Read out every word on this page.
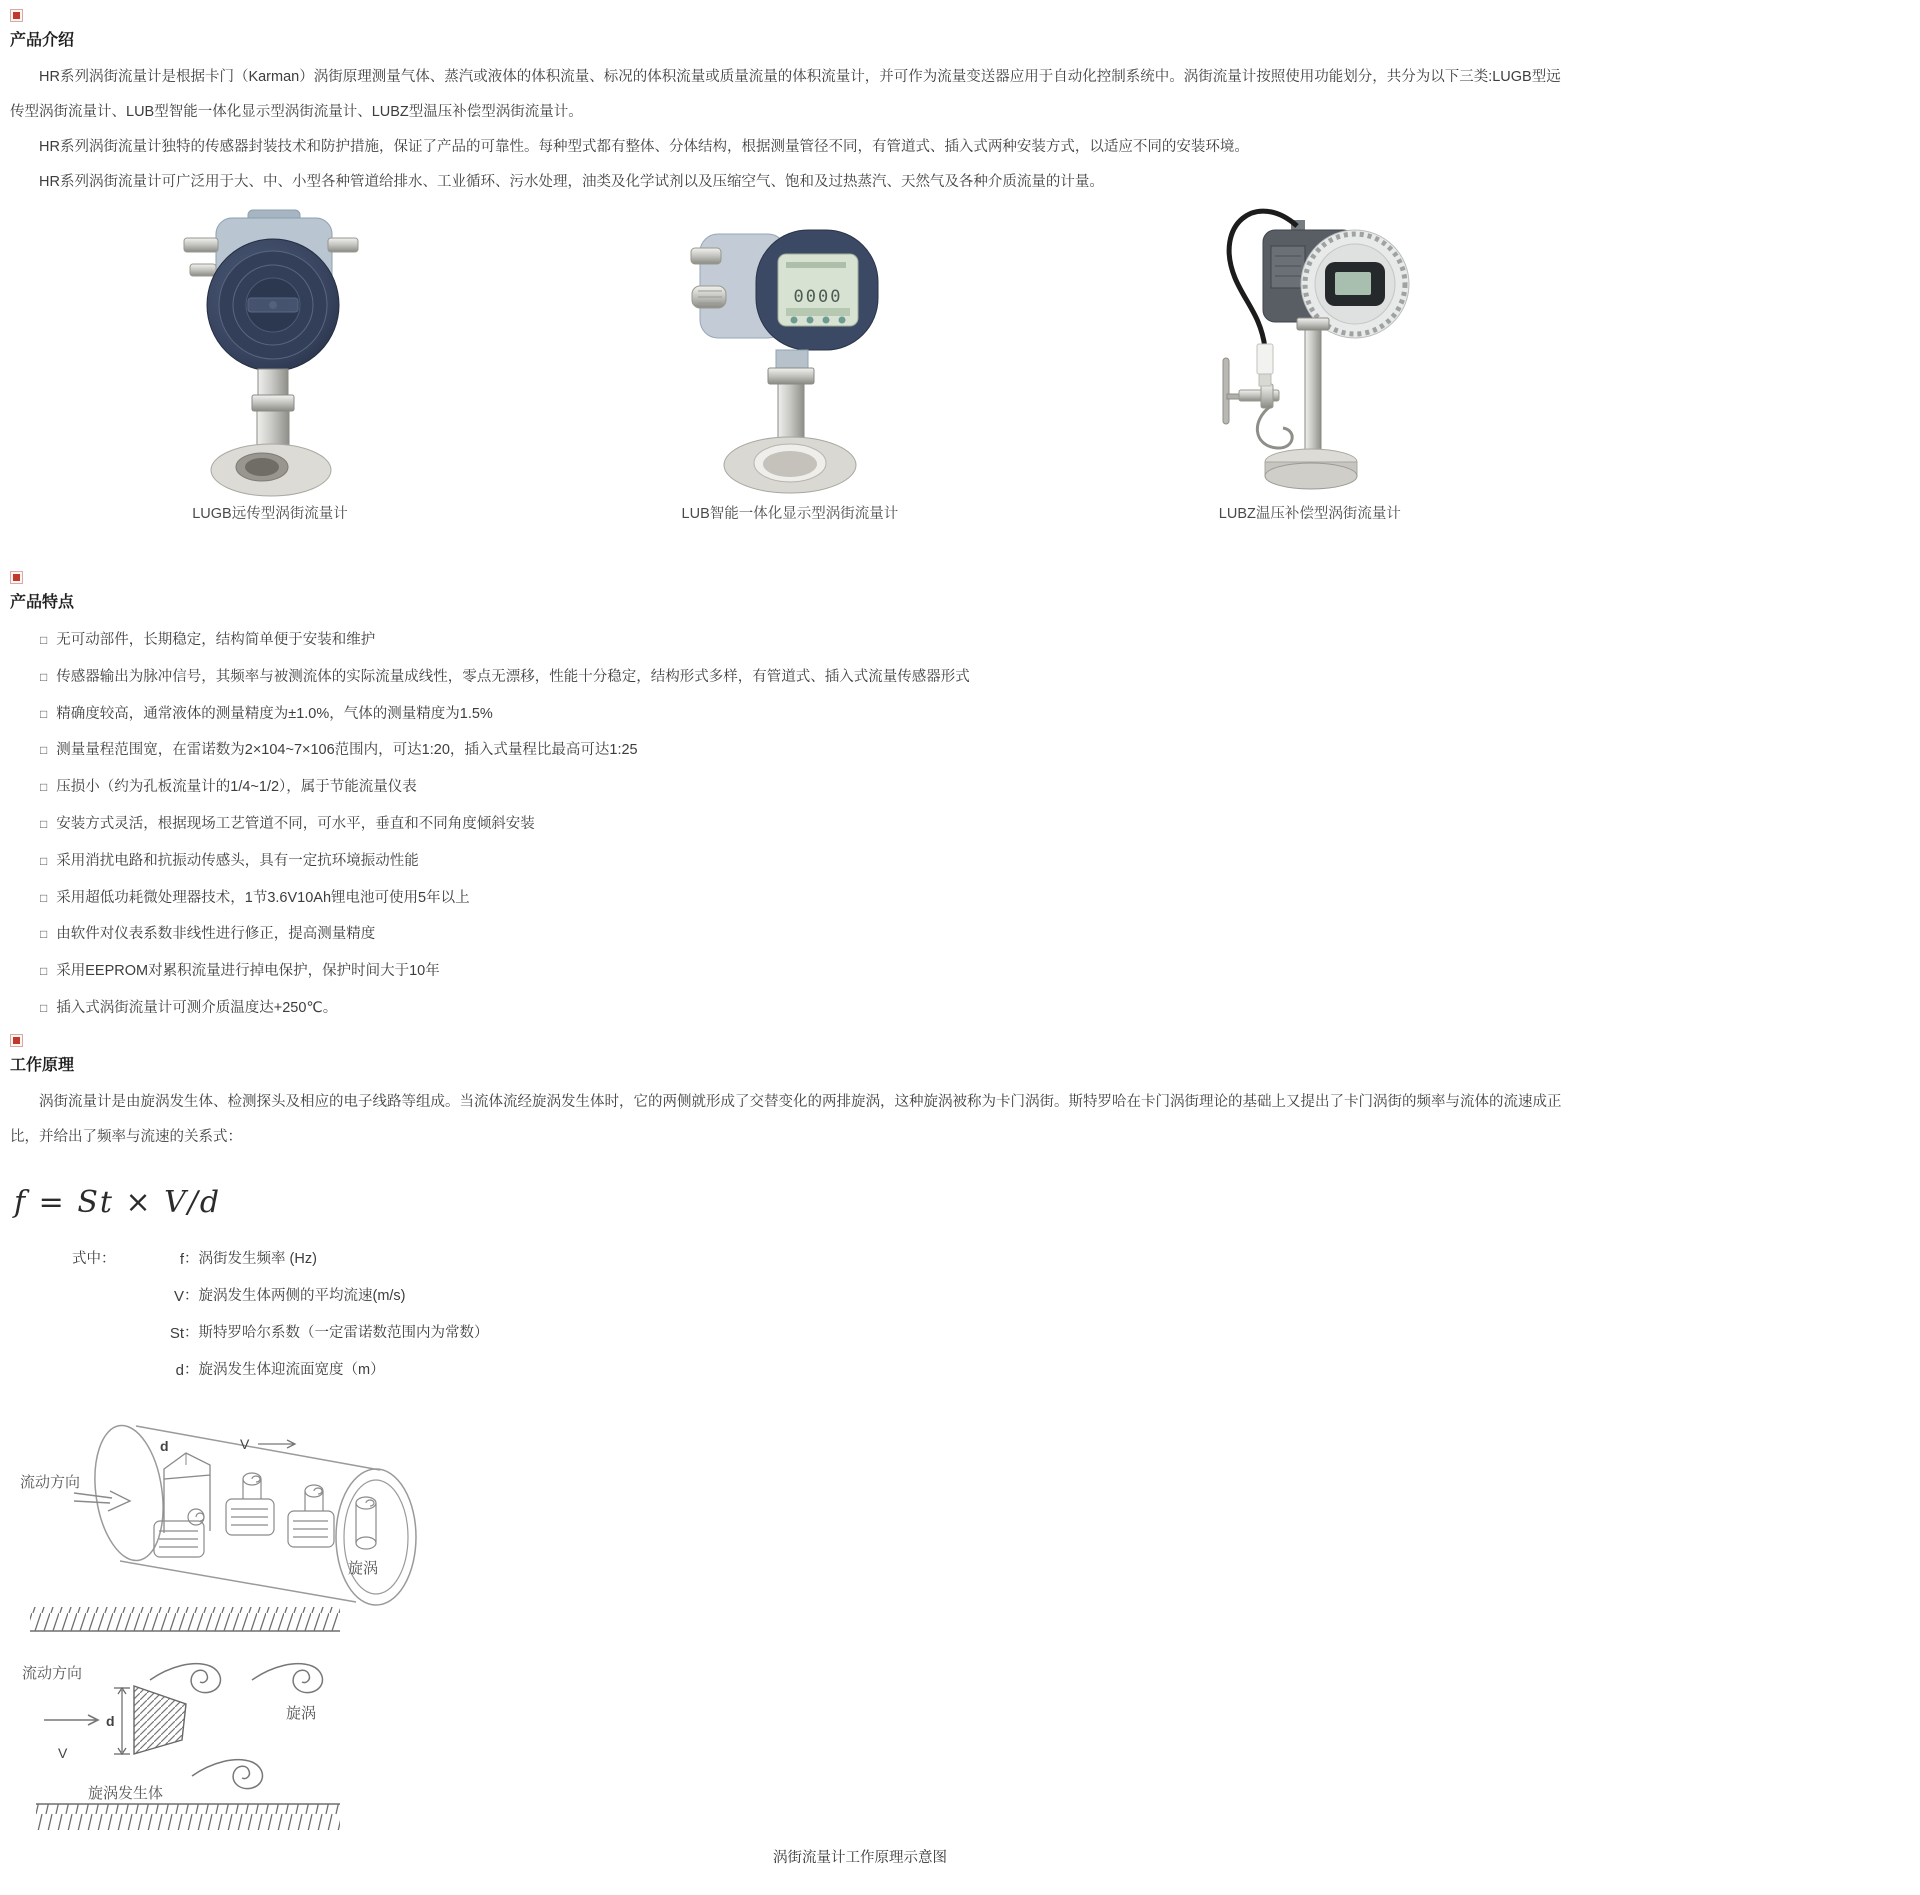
产品介绍

HR系列涡街流量计是根据卡门（Karman）涡街原理测量气体、蒸汽或液体的体积流量、标况的体积流量或质量流量的体积流量计，并可作为流量变送器应用于自动化控制系统中。涡街流量计按照使用功能划分，共分为以下三类:LUGB型远传型涡街流量计、LUB型智能一体化显示型涡街流量计、LUBZ型温压补偿型涡街流量计。

HR系列涡街流量计独特的传感器封装技术和防护措施，保证了产品的可靠性。每种型式都有整体、分体结构，根据测量管径不同，有管道式、插入式两种安装方式，以适应不同的安装环境。

HR系列涡街流量计可广泛用于大、中、小型各种管道给排水、工业循环、污水处理，油类及化学试剂以及压缩空气、饱和及过热蒸汽、天然气及各种介质流量的计量。

LUGB远传型涡街流量计
0000
LUB智能一体化显示型涡街流量计	LUBZ温压补偿型涡街流量计
产品特点
□ 无可动部件，长期稳定，结构简单便于安装和维护
□ 传感器输出为脉冲信号，其频率与被测流体的实际流量成线性，零点无漂移，性能十分稳定，结构形式多样，有管道式、插入式流量传感器形式
□ 精确度较高，通常液体的测量精度为±1.0%，气体的测量精度为1.5%
□ 测量量程范围宽，在雷诺数为2×104~7×106范围内，可达1:20，插入式量程比最高可达1:25
□ 压损小（约为孔板流量计的1/4~1/2），属于节能流量仪表
□ 安装方式灵活，根据现场工艺管道不同，可水平，垂直和不同角度倾斜安装
□ 采用消扰电路和抗振动传感头，具有一定抗环境振动性能
□ 采用超低功耗微处理器技术，1节3.6V10Ah锂电池可使用5年以上
□ 由软件对仪表系数非线性进行修正，提高测量精度
□ 采用EEPROM对累积流量进行掉电保护，保护时间大于10年
□ 插入式涡街流量计可测介质温度达+250℃。
工作原理

涡街流量计是由旋涡发生体、检测探头及相应的电子线路等组成。当流体流经旋涡发生体时，它的两侧就形成了交替变化的两排旋涡，这种旋涡被称为卡门涡街。斯特罗哈在卡门涡街理论的基础上又提出了卡门涡街的频率与流体的流速成正比，并给出了频率与流速的关系式：

f = St × V/d
式中：	f ：涡街发生频率 (Hz)
V ：旋涡发生体两侧的平均流速(m/s)
St ：斯特罗哈尔系数（一定雷诺数范围内为常数）
d ：旋涡发生体迎流面宽度（m）
流动方向
d	V
旋涡
流动方向
V
d	旋涡
旋涡发生体
涡街流量计工作原理示意图
